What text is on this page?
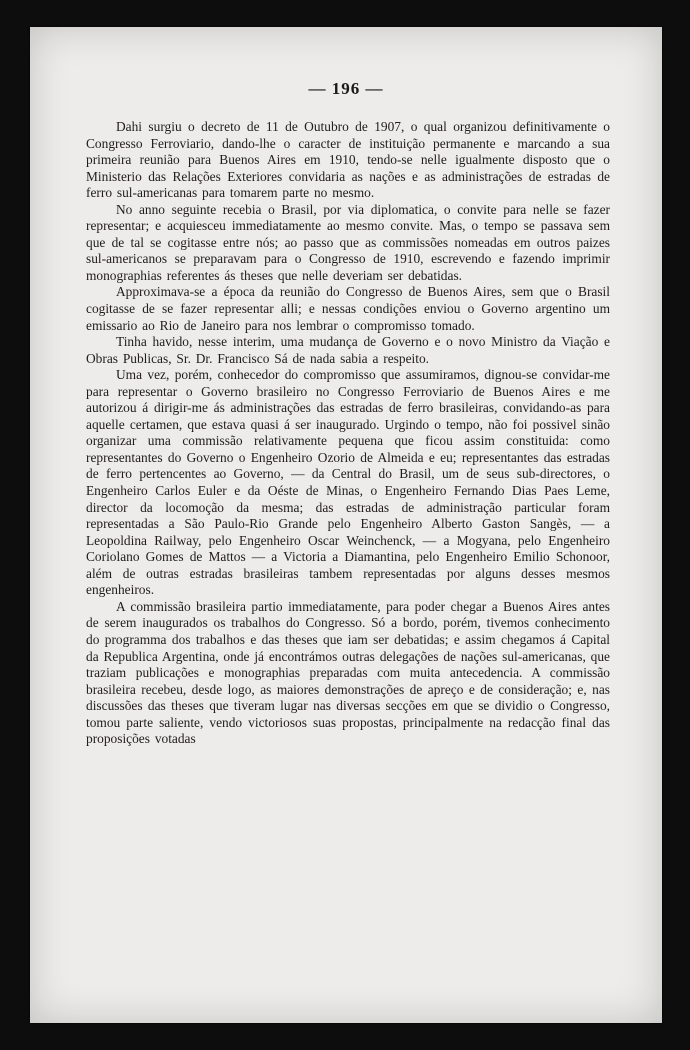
— 196 —

Dahi surgiu o decreto de 11 de Outubro de 1907, o qual organizou definitivamente o Congresso Ferroviario, dando-lhe o caracter de instituição permanente e marcando a sua primeira reunião para Buenos Aires em 1910, tendo-se nelle igualmente disposto que o Ministerio das Relações Exteriores convidaria as nações e as administrações de estradas de ferro sul-americanas para tomarem parte no mesmo.

No anno seguinte recebia o Brasil, por via diplomatica, o convite para nelle se fazer representar; e acquiesceu immediatamente ao mesmo convite. Mas, o tempo se passava sem que de tal se cogitasse entre nós; ao passo que as commissões nomeadas em outros paizes sul-americanos se preparavam para o Congresso de 1910, escrevendo e fazendo imprimir monographias referentes ás theses que nelle deveriam ser debatidas.

Approximava-se a época da reunião do Congresso de Buenos Aires, sem que o Brasil cogitasse de se fazer representar alli; e nessas condições enviou o Governo argentino um emissario ao Rio de Janeiro para nos lembrar o compromisso tomado.

Tinha havido, nesse interim, uma mudança de Governo e o novo Ministro da Viação e Obras Publicas, Sr. Dr. Francisco Sá de nada sabia a respeito.

Uma vez, porém, conhecedor do compromisso que assumiramos, dignou-se convidar-me para representar o Governo brasileiro no Congresso Ferroviario de Buenos Aires e me autorizou á dirigir-me ás administrações das estradas de ferro brasileiras, convidando-as para aquelle certamen, que estava quasi á ser inaugurado. Urgindo o tempo, não foi possivel sinão organizar uma commissão relativamente pequena que ficou assim constituida: como representantes do Governo o Engenheiro Ozorio de Almeida e eu; representantes das estradas de ferro pertencentes ao Governo, — da Central do Brasil, um de seus sub-directores, o Engenheiro Carlos Euler e da Oéste de Minas, o Engenheiro Fernando Dias Paes Leme, director da locomoção da mesma; das estradas de administração particular foram representadas a São Paulo-Rio Grande pelo Engenheiro Alberto Gaston Sangès, — a Leopoldina Railway, pelo Engenheiro Oscar Weinchenck, — a Mogyana, pelo Engenheiro Coriolano Gomes de Mattos — a Victoria a Diamantina, pelo Engenheiro Emilio Schonoor, além de outras estradas brasileiras tambem representadas por alguns desses mesmos engenheiros.

A commissão brasileira partio immediatamente, para poder chegar a Buenos Aires antes de serem inaugurados os trabalhos do Congresso. Só a bordo, porém, tivemos conhecimento do programma dos trabalhos e das theses que iam ser debatidas; e assim chegamos á Capital da Republica Argentina, onde já encontrámos outras delegações de nações sul-americanas, que traziam publicações e monographias preparadas com muita antecedencia. A commissão brasileira recebeu, desde logo, as maiores demonstrações de apreço e de consideração; e, nas discussões das theses que tiveram lugar nas diversas secções em que se dividio o Congresso, tomou parte saliente, vendo victoriosos suas propostas, principalmente na redacção final das proposições votadas
